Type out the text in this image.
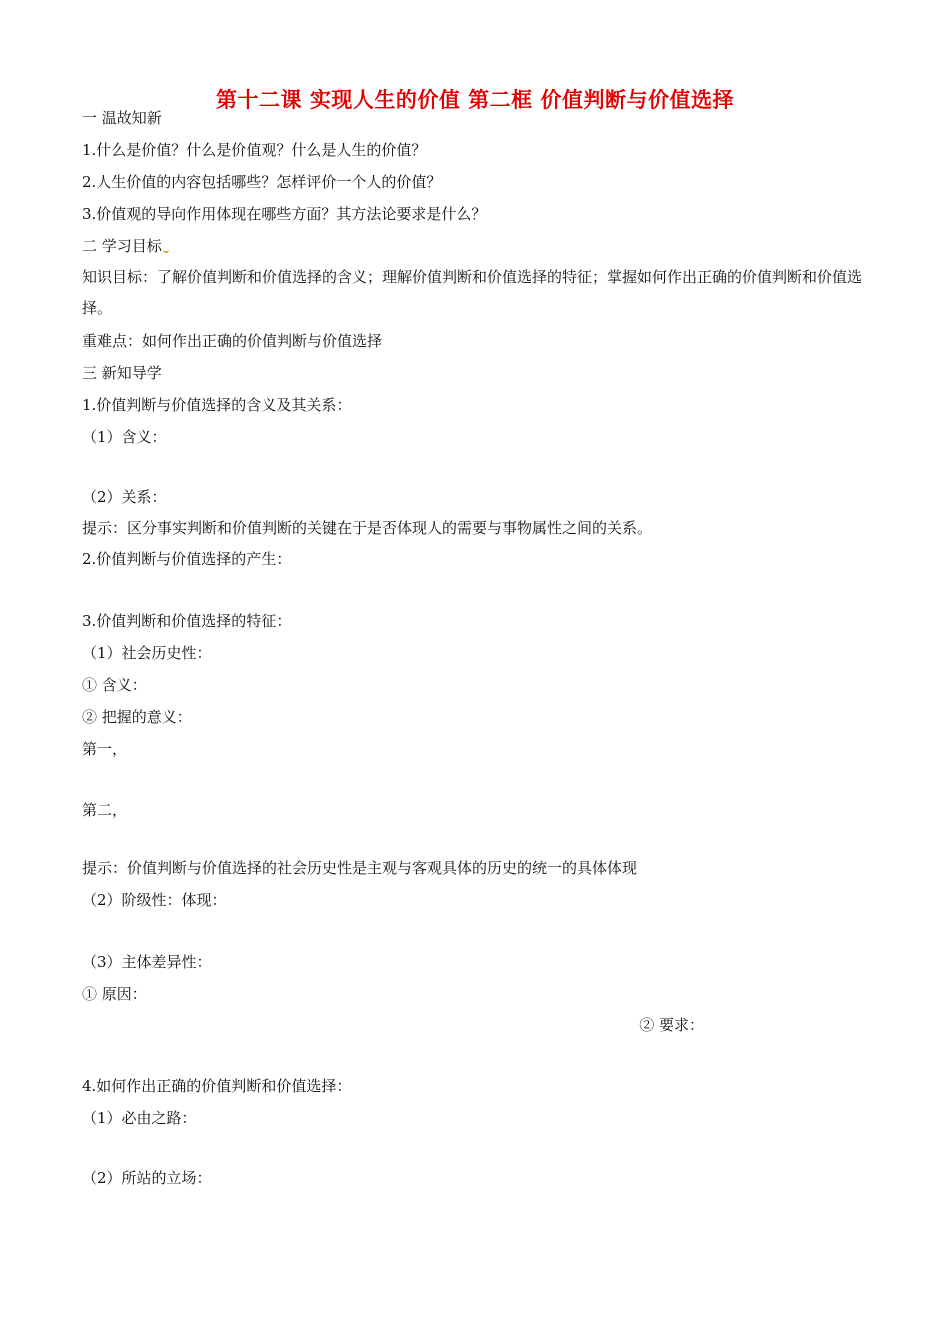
第十二课 实现人生的价值 第二框 价值判断与价值选择
一 温故知新
1.什么是价值？什么是价值观？什么是人生的价值？
2.人生价值的内容包括哪些？怎样评价一个人的价值？
3.价值观的导向作用体现在哪些方面？其方法论要求是什么？
二 学习目标
知识目标：了解价值判断和价值选择的含义；理解价值判断和价值选择的特征；掌握如何作出正确的价值判断和价值选择。
重难点：如何作出正确的价值判断与价值选择
三 新知导学
1.价值判断与价值选择的含义及其关系：
（1）含义：
（2）关系：
提示：区分事实判断和价值判断的关键在于是否体现人的需要与事物属性之间的关系。
2.价值判断与价值选择的产生：
3.价值判断和价值选择的特征：
（1）社会历史性：
① 含义：
② 把握的意义：
第一，
第二，
提示：价值判断与价值选择的社会历史性是主观与客观具体的历史的统一的具体体现
（2）阶级性：体现：
（3）主体差异性：
① 原因：
② 要求：
4.如何作出正确的价值判断和价值选择：
（1）必由之路：
（2）所站的立场：
